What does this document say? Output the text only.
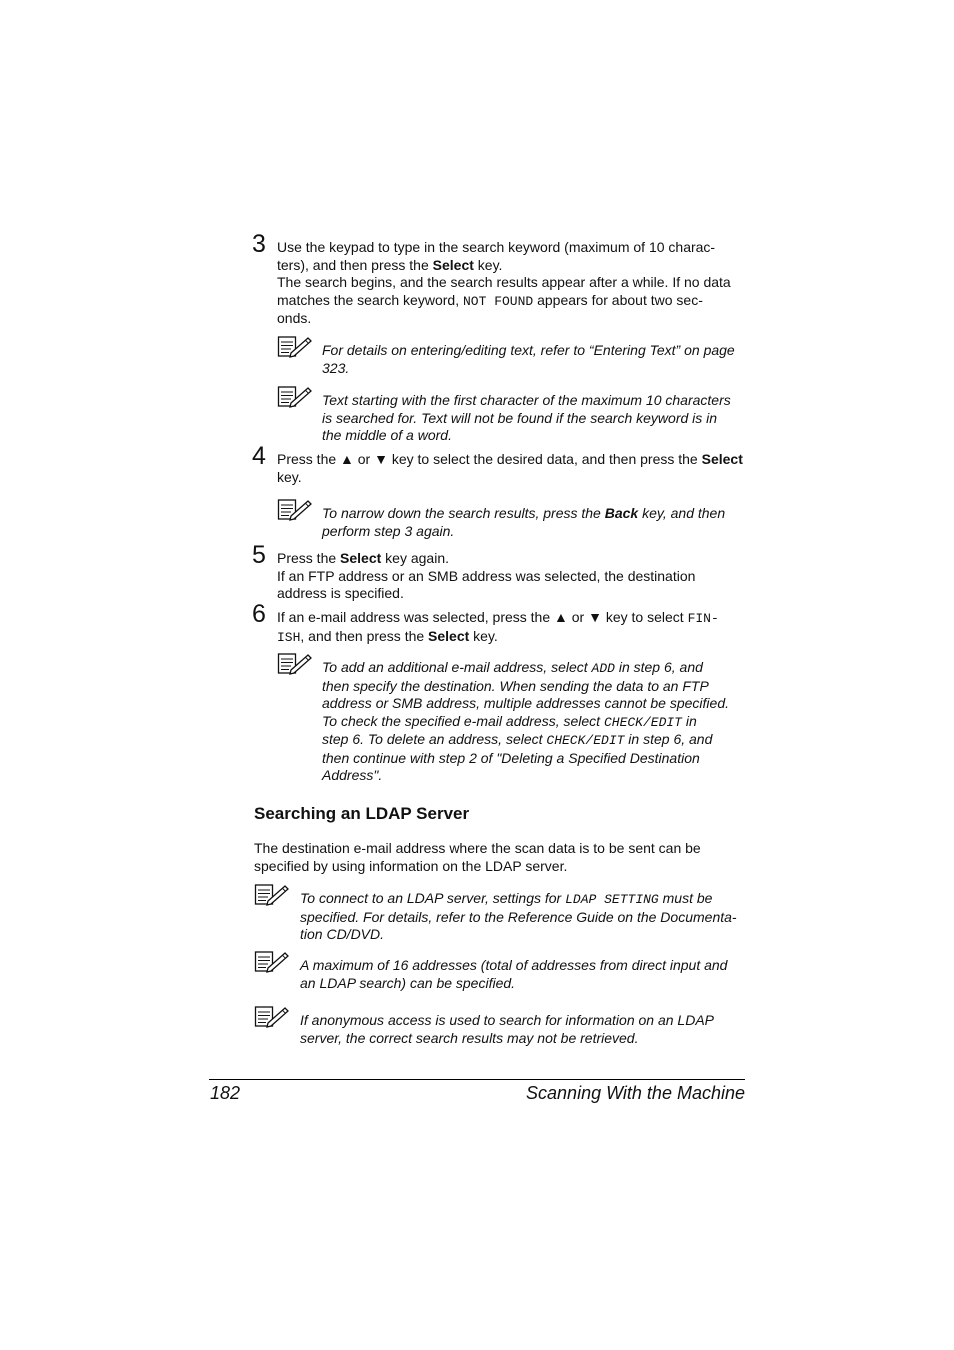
3 Use the keypad to type in the search keyword (maximum of 10 charac-
ters), and then press the Select key.
The search begins, and the search results appear after a while. If no data
matches the search keyword, NOT FOUND appears for about two sec-
onds.
For details on entering/editing text, refer to “Entering Text” on page
323.
Text starting with the first character of the maximum 10 characters
is searched for. Text will not be found if the search keyword is in
the middle of a word.
4 Press the ▲ or ▼ key to select the desired data, and then press the Select
key.
To narrow down the search results, press the Back key, and then
perform step 3 again.
5 Press the Select key again.
If an FTP address or an SMB address was selected, the destination
address is specified.
6 If an e-mail address was selected, press the ▲ or ▼ key to select FIN-
ISH, and then press the Select key.
To add an additional e-mail address, select ADD in step 6, and
then specify the destination. When sending the data to an FTP
address or SMB address, multiple addresses cannot be specified.
To check the specified e-mail address, select CHECK/EDIT in
step 6. To delete an address, select CHECK/EDIT in step 6, and
then continue with step 2 of "Deleting a Specified Destination
Address".
Searching an LDAP Server
The destination e-mail address where the scan data is to be sent can be
specified by using information on the LDAP server.
To connect to an LDAP server, settings for LDAP SETTING must be
specified. For details, refer to the Reference Guide on the Documenta-
tion CD/DVD.
A maximum of 16 addresses (total of addresses from direct input and
an LDAP search) can be specified.
If anonymous access is used to search for information on an LDAP
server, the correct search results may not be retrieved.
182	Scanning With the Machine
